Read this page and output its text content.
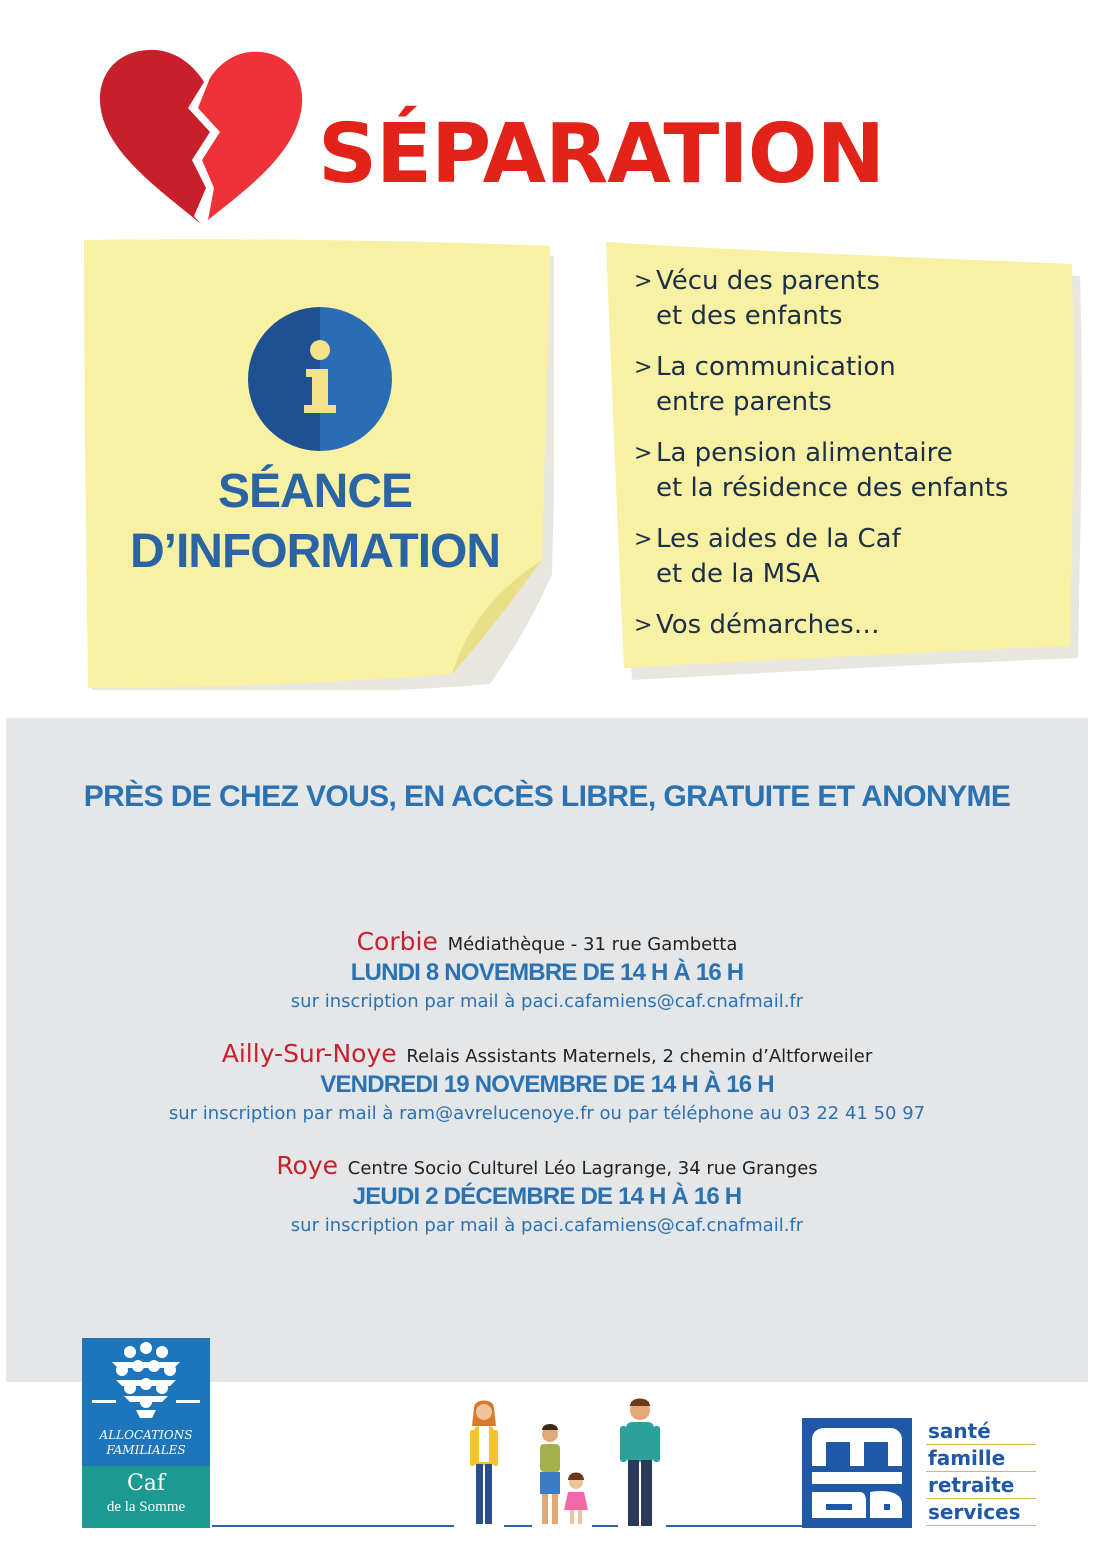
SÉPARATION
SÉANCE
D’INFORMATION
> Vécu des parents
et des enfants
> La communication
entre parents
> La pension alimentaire
et la résidence des enfants
> Les aides de la Caf
et de la MSA
> Vos démarches…
PRÈS DE CHEZ VOUS, EN ACCÈS LIBRE, GRATUITE ET ANONYME
Corbie Médiathèque - 31 rue Gambetta
LUNDI 8 NOVEMBRE DE 14 H À 16 H
sur inscription par mail à paci.cafamiens@caf.cnafmail.fr
Ailly-Sur-Noye Relais Assistants Maternels, 2 chemin d’Altforweiler
VENDREDI 19 NOVEMBRE DE 14 H À 16 H
sur inscription par mail à ram@avrelucenoye.fr ou par téléphone au 03 22 41 50 97
Roye Centre Socio Culturel Léo Lagrange, 34 rue Granges
JEUDI 2 DÉCEMBRE DE 14 H À 16 H
sur inscription par mail à paci.cafamiens@caf.cnafmail.fr
ALLOCATIONS
FAMILIALES
Caf
de la Somme
santé
famille
retraite
services
